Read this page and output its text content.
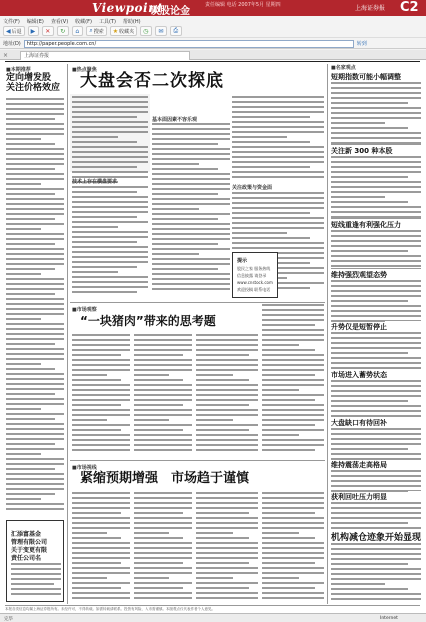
Viewpoint
谈股论金
责任编辑 电话 2007年5月 星期四	上海证券报 C2
文件(F) 编辑(E) 查看(V) 收藏(F) 工具(T) 帮助(H)
◀ 后退 ▶ ✕ ↻ ⌂ ⌕ 搜索 ★ 收藏夹 ◷ ✉ ⎙
地址(D)	http://paper.people.com.cn/	转到
×	上海证券报
■本期推荐
定向增发股
关注价格效应
汇添富基金
管理有限公司
关于变更有限
责任公司名
■热点聚焦
大盘会否二次探底
基本面因素不容乐观
技术上存在横盘要求
关注政策与资金面
提示
股民之家 服务热线
信息披露 请登录
www.cnstock.com
欢迎投稿 联系电话
■市场观察
“一块猪肉”带来的思考题
■市场视线
紧缩预期增强　市场趋于谨慎
■名家观点
短期指数可能小幅调整
关注新 300 种本股
短线重逢有利强化压力
维持强烈观望态势
升势仅是短暂停止
市场进入蓄势状态
大盘缺口有待回补
维持震荡走高格局
获利回吐压力明显
机构减仓迹象开始显现
本报各类信息均属上海证券报所有。未经许可，不得转载。如需转载请联系。投资有风险，入市需谨慎。本版观点仅代表作者个人意见。
完毕	Internet
